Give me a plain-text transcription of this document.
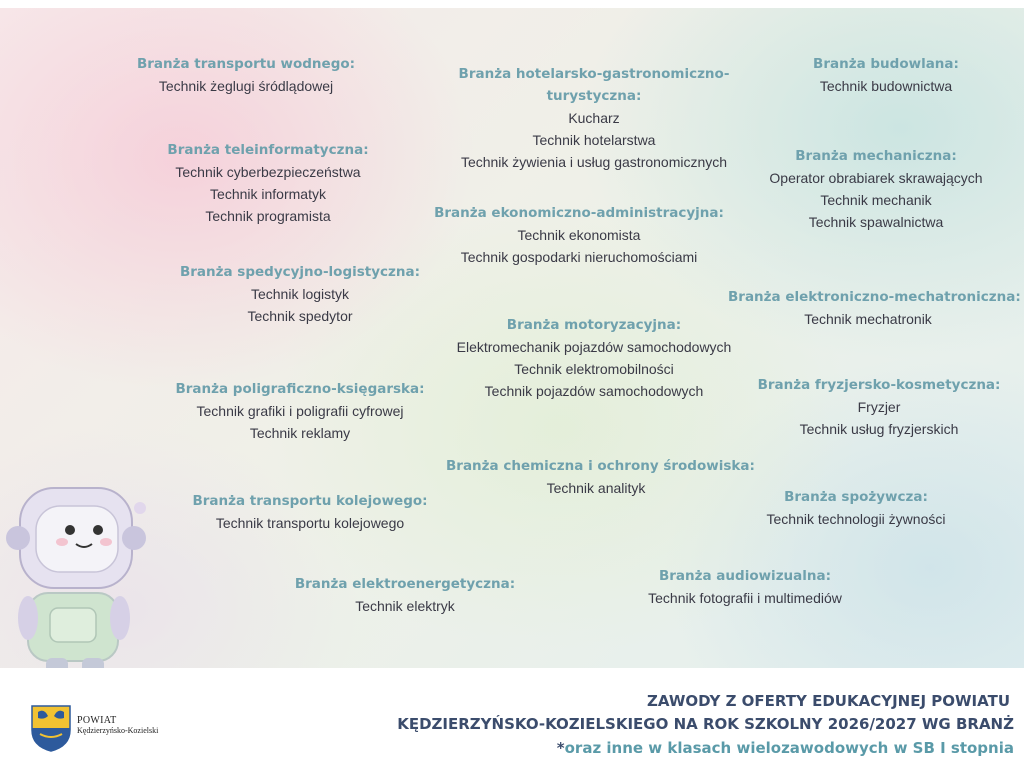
Branża transportu wodnego:
Technik żeglugi śródlądowej
Branża teleinformatyczna:
Technik cyberbezpieczeństwa
Technik informatyk
Technik programista
Branża spedycyjno-logistyczna:
Technik logistyk
Technik spedytor
Branża poligraficzno-księgarska:
Technik grafiki i poligrafii cyfrowej
Technik reklamy
Branża transportu kolejowego:
Technik transportu kolejowego
Branża elektroenergetyczna:
Technik elektryk
Branża hotelarsko-gastronomiczno-
turystyczna:
Kucharz
Technik hotelarstwa
Technik żywienia i usług gastronomicznych
Branża ekonomiczno-administracyjna:
Technik ekonomista
Technik gospodarki nieruchomościami
Branża motoryzacyjna:
Elektromechanik pojazdów samochodowych
Technik elektromobilności
Technik pojazdów samochodowych
Branża chemiczna i ochrony środowiska:
Technik analityk
Branża audiowizualna:
Technik fotografii i multimediów
Branża budowlana:
Technik budownictwa
Branża mechaniczna:
Operator obrabiarek skrawających
Technik mechanik
Technik spawalnictwa
Branża elektroniczno-mechatroniczna:
Technik mechatronik
Branża fryzjersko-kosmetyczna:
Fryzjer
Technik usług fryzjerskich
Branża spożywcza:
Technik technologii żywności
POWIAT
Kędzierzyńsko-Kozielski
ZAWODY Z OFERTY EDUKACYJNEJ POWIATU
KĘDZIERZYŃSKO-KOZIELSKIEGO NA ROK SZKOLNY 2026/2027 WG BRANŻ
*oraz inne w klasach wielozawodowych w SB I stopnia
